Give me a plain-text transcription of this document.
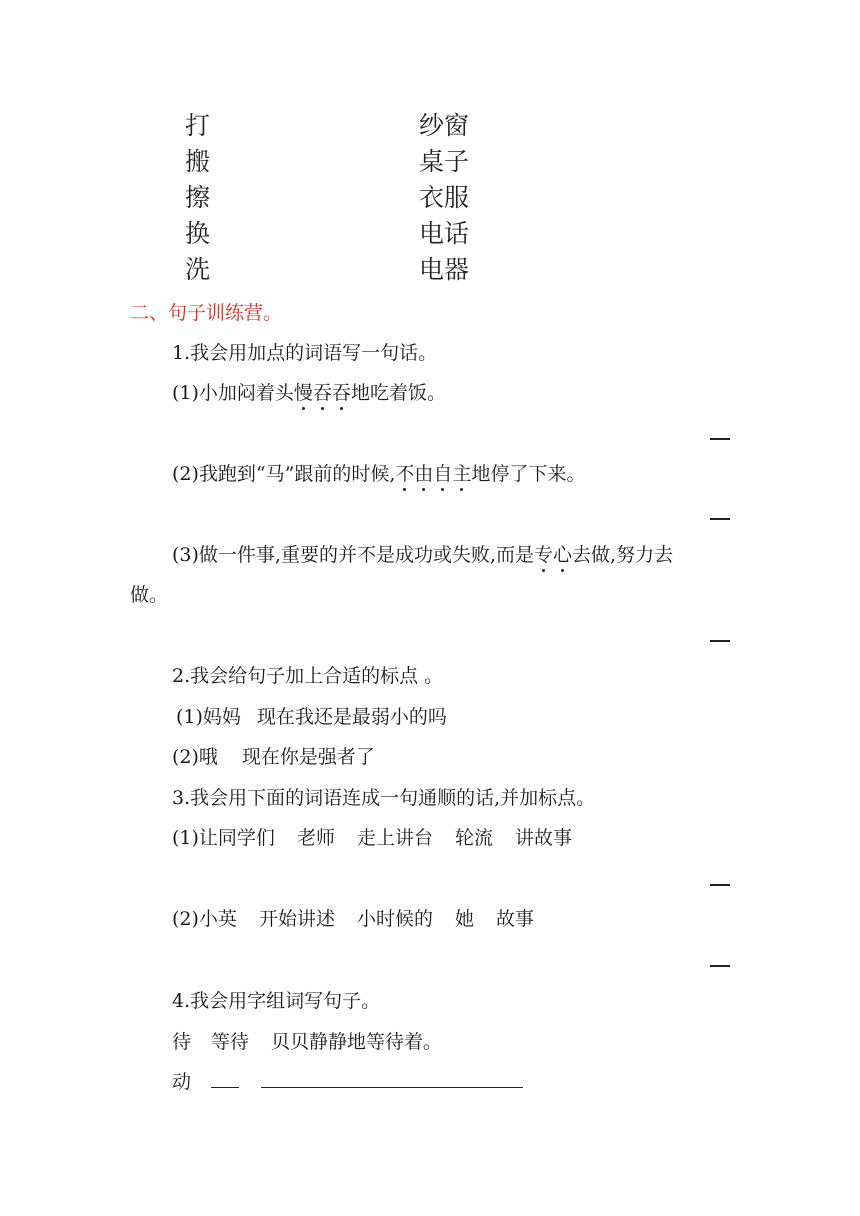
打	纱窗
搬	桌子
擦	衣服
换	电话
洗	电器
二、句子训练营。
1.我会用加点的词语写一句话。
(1)小加闷着头慢吞吞地吃着饭。
(2)我跑到“马”跟前的时候,不由自主地停了下来。
(3)做一件事,重要的并不是成功或失败,而是专心去做,努力去
做。
2.我会给句子加上合适的标点 。
(1)妈妈 现在我还是最弱小的吗
(2)哦 现在你是强者了
3.我会用下面的词语连成一句通顺的话,并加标点。
(1)让同学们 老师 走上讲台 轮流 讲故事
(2)小英 开始讲述 小时候的 她 故事
4.我会用字组词写句子。
待 等待 贝贝静静地等待着。
动
